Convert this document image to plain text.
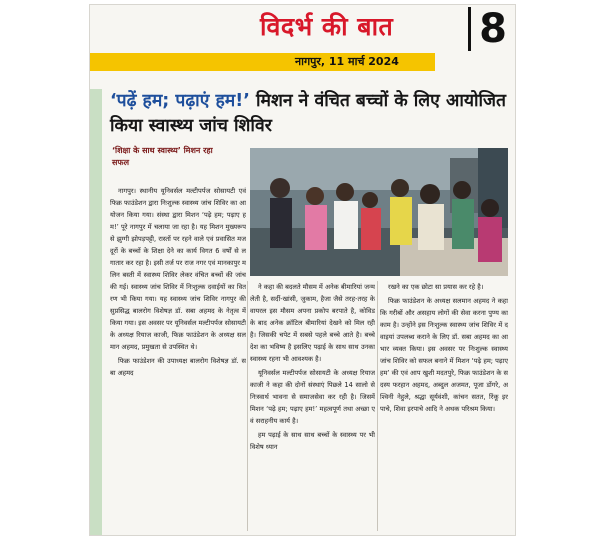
विदर्भ की बात 8
नागपुर, 11 मार्च 2024
‘पढ़ें हम; पढ़ाएं हम!’ मिशन ने वंचित बच्चों के लिए आयोजित किया स्वास्थ्य जांच शिविर
‘शिक्षा के साथ स्वास्थ्य’ मिशन रहा सफल

नागपुर। स्थानीय यूनिवर्सल मल्टीपर्पज सोसायटी एवं फिक्र फाउंडेशन द्वारा निःशुल्क स्वास्थ्य जांच शिविर का आयोजन किया गया। संस्था द्वारा मिशन ‘पढ़े हम; पढ़ाए हम!’ पूरे नागपुर में चलाया जा रहा है। यह मिशन मुख्यरूप से झुग्गी झोपड़पट्टी, रास्तों पर रहने वाले एवं प्रवासित मजदूरों के बच्चों के शिक्षा देने का कार्य विगत 6 वर्षों से लगातार कर रहा है। इसी तर्ज पर राज नगर एवं मानकापुर मलिन बस्ती में स्वास्थ्य शिविर लेकर वंचित बच्चों की जांच की गई। स्वास्थ्य जांच शिविर में निःशुल्क दवाईयों का वितरण भी किया गया। यह स्वास्थ्य जांच शिविर नागपुर की सुप्रसिद्ध बालरोग विशेषज्ञ डॉ. सबा अहमद के नेतृत्व में किया गया। इस अवसर पर यूनिवर्सल मल्टीपर्पज सोसायटी के अध्यक्ष रियाज काजी, फिक्र फाउंडेशन के अध्यक्ष सलमान अहमद, प्रमुखता से उपस्थित थे।

फिक्र फाउंडेशन की उपाध्यक्ष बालरोग विशेषज्ञ डॉ. सबा अहमद

ने कहा की बदलते मौसम में अनेक बीमारियां जन्म लेती है, सर्दी-खांसी, जुकाम, हैजा जैसे तरह-तरह के वायरल इस मौसम अपना प्रकोप बरपाते है, कोविड के बाद अनेक क्रॉटिल बीमारियां देखने को मिल रही है। जिसकी चपेट में सबसे पहले बच्चे आते है। बच्चे देश का भविष्य है इसलिए पढ़ाई के साथ साथ उनका स्वास्थ्य रहना भी आवश्यक है।

यूनिवर्सल मल्टीपर्पज सोसायटी के अध्यक्ष रियाज काजी ने कहा की दोनों संस्थाएं पिछले 14 सालो से निःस्वार्थ भावना से समाजसेवा कर रही है। जिसमें मिशन ‘पढ़े हम; पढ़ाए हम!’ महत्वपूर्ण तथा अच्छा एवं सराहनीय कार्य है।

हम पढ़ाई के साथ साथ बच्चों के स्वास्थ्य पर भी विशेष ध्यान

रखने का एक छोटा सा प्रयास कर रहे है।

फिक्र फाउंडेशन के अध्यक्ष सलमान अहमद ने कहा कि गरीबों और असहाय लोगों की सेवा करना पुण्य का काम है। उन्होंने इस निःशुल्क स्वास्थ्य जांच शिविर में दवाइयां उपलब्ध कराने के लिए डॉ. सबा अहमद का आभार व्यक्त किया। इस अवसर पर निःशुल्क स्वास्थ्य जांच शिविर को सफल बनाने में मिशन ‘पढ़े हम; पढ़ाए हम’ की एवं आप खुशी मदतपुरे, फिक्र फाउंडेशन के सदस्य फरहान अहमद, अब्दुल अजमत, पूजा डोंगरे, अश्विनी नेहुले, श्रद्धा सूर्यवंशी, कांचन सतत, रिंकू इरपाचे, शिवा इरपाचे आदि ने अथक परिश्रम किया।
